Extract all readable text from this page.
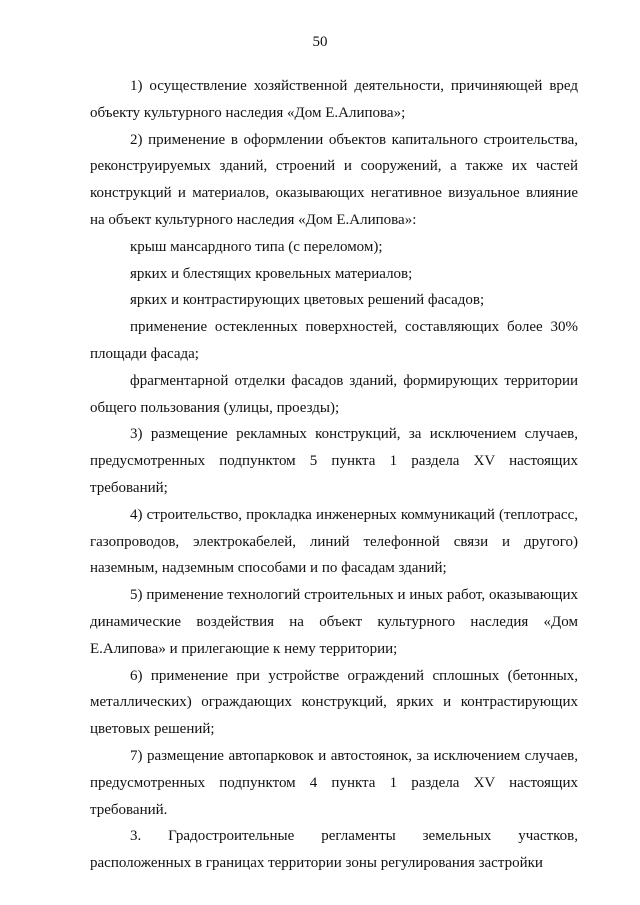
50

1) осуществление хозяйственной деятельности, причиняющей вред объекту культурного наследия «Дом Е.Алипова»;

2) применение в оформлении объектов капитального строительства, реконструируемых зданий, строений и сооружений, а также их частей конструкций и материалов, оказывающих негативное визуальное влияние на объект культурного наследия «Дом Е.Алипова»:

крыш мансардного типа (с переломом);

ярких и блестящих кровельных материалов;

ярких и контрастирующих цветовых решений фасадов;

применение остекленных поверхностей, составляющих более 30% площади фасада;

фрагментарной отделки фасадов зданий, формирующих территории общего пользования (улицы, проезды);

3) размещение рекламных конструкций, за исключением случаев, предусмотренных подпунктом 5 пункта 1 раздела XV настоящих требований;

4) строительство, прокладка инженерных коммуникаций (теплотрасс, газопроводов, электрокабелей, линий телефонной связи и другого) наземным, надземным способами и по фасадам зданий;

5) применение технологий строительных и иных работ, оказывающих динамические воздействия на объект культурного наследия «Дом Е.Алипова» и прилегающие к нему территории;

6) применение при устройстве ограждений сплошных (бетонных, металлических) ограждающих конструкций, ярких и контрастирующих цветовых решений;

7) размещение автопарковок и автостоянок, за исключением случаев, предусмотренных подпунктом 4 пункта 1 раздела XV настоящих требований.

3. Градостроительные регламенты земельных участков, расположенных в границах территории зоны регулирования застройки
